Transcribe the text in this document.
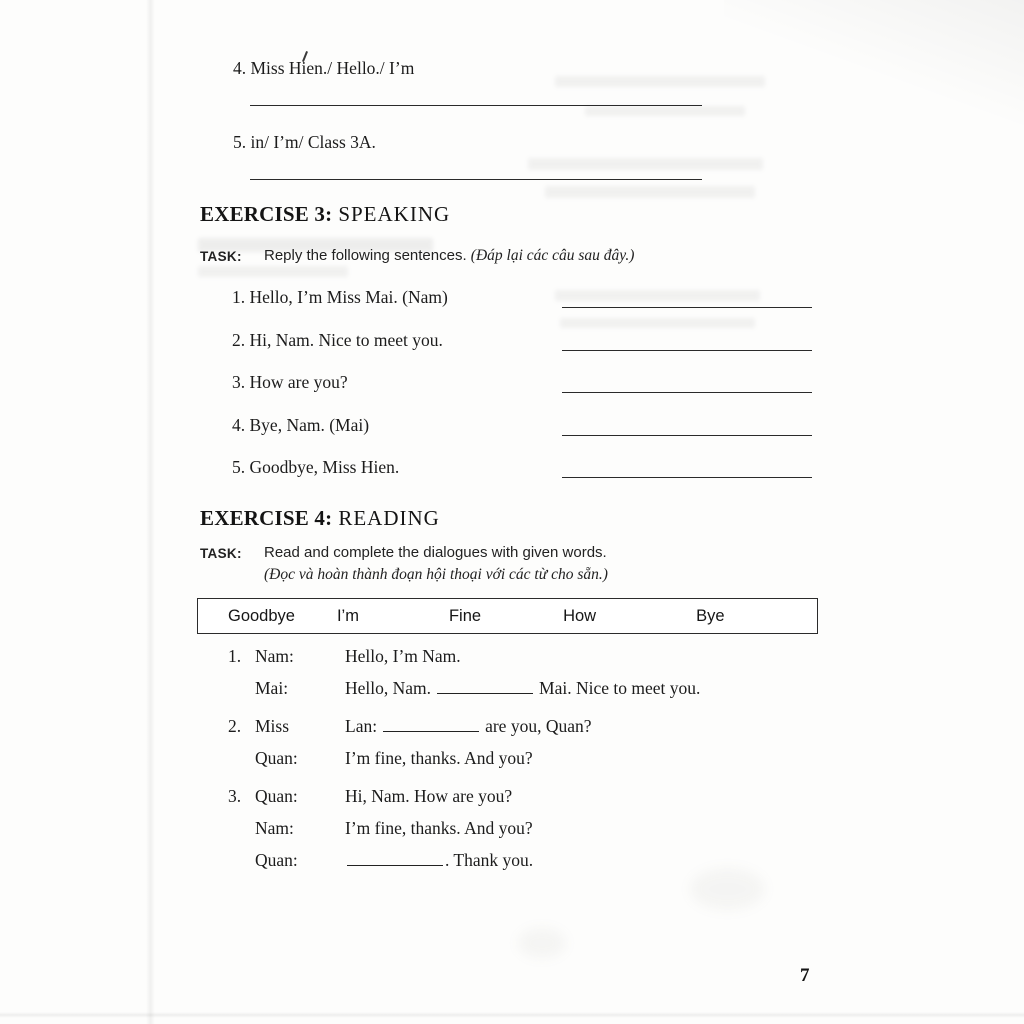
4. Miss Hien./ Hello./ I’m
5. in/ I’m/ Class 3A.
EXERCISE 3: SPEAKING
TASK:	Reply the following sentences. (Đáp lại các câu sau đây.)
1. Hello, I’m Miss Mai. (Nam)
2. Hi, Nam. Nice to meet you.
3. How are you?
4. Bye, Nam. (Mai)
5. Goodbye, Miss Hien.
EXERCISE 4: READING
TASK:	Read and complete the dialogues with given words.
(Đọc và hoàn thành đoạn hội thoại với các từ cho sẵn.)
Goodbye	I’m	Fine	How	Bye
1. Nam:	Hello, I’m Nam.
Mai:	Hello, Nam.	Mai. Nice to meet you.
2. Miss	Lan:	are you, Quan?
Quan:	I’m fine, thanks. And you?
3. Quan:	Hi, Nam. How are you?
Nam:	I’m fine, thanks. And you?
Quan:	. Thank you.
7
